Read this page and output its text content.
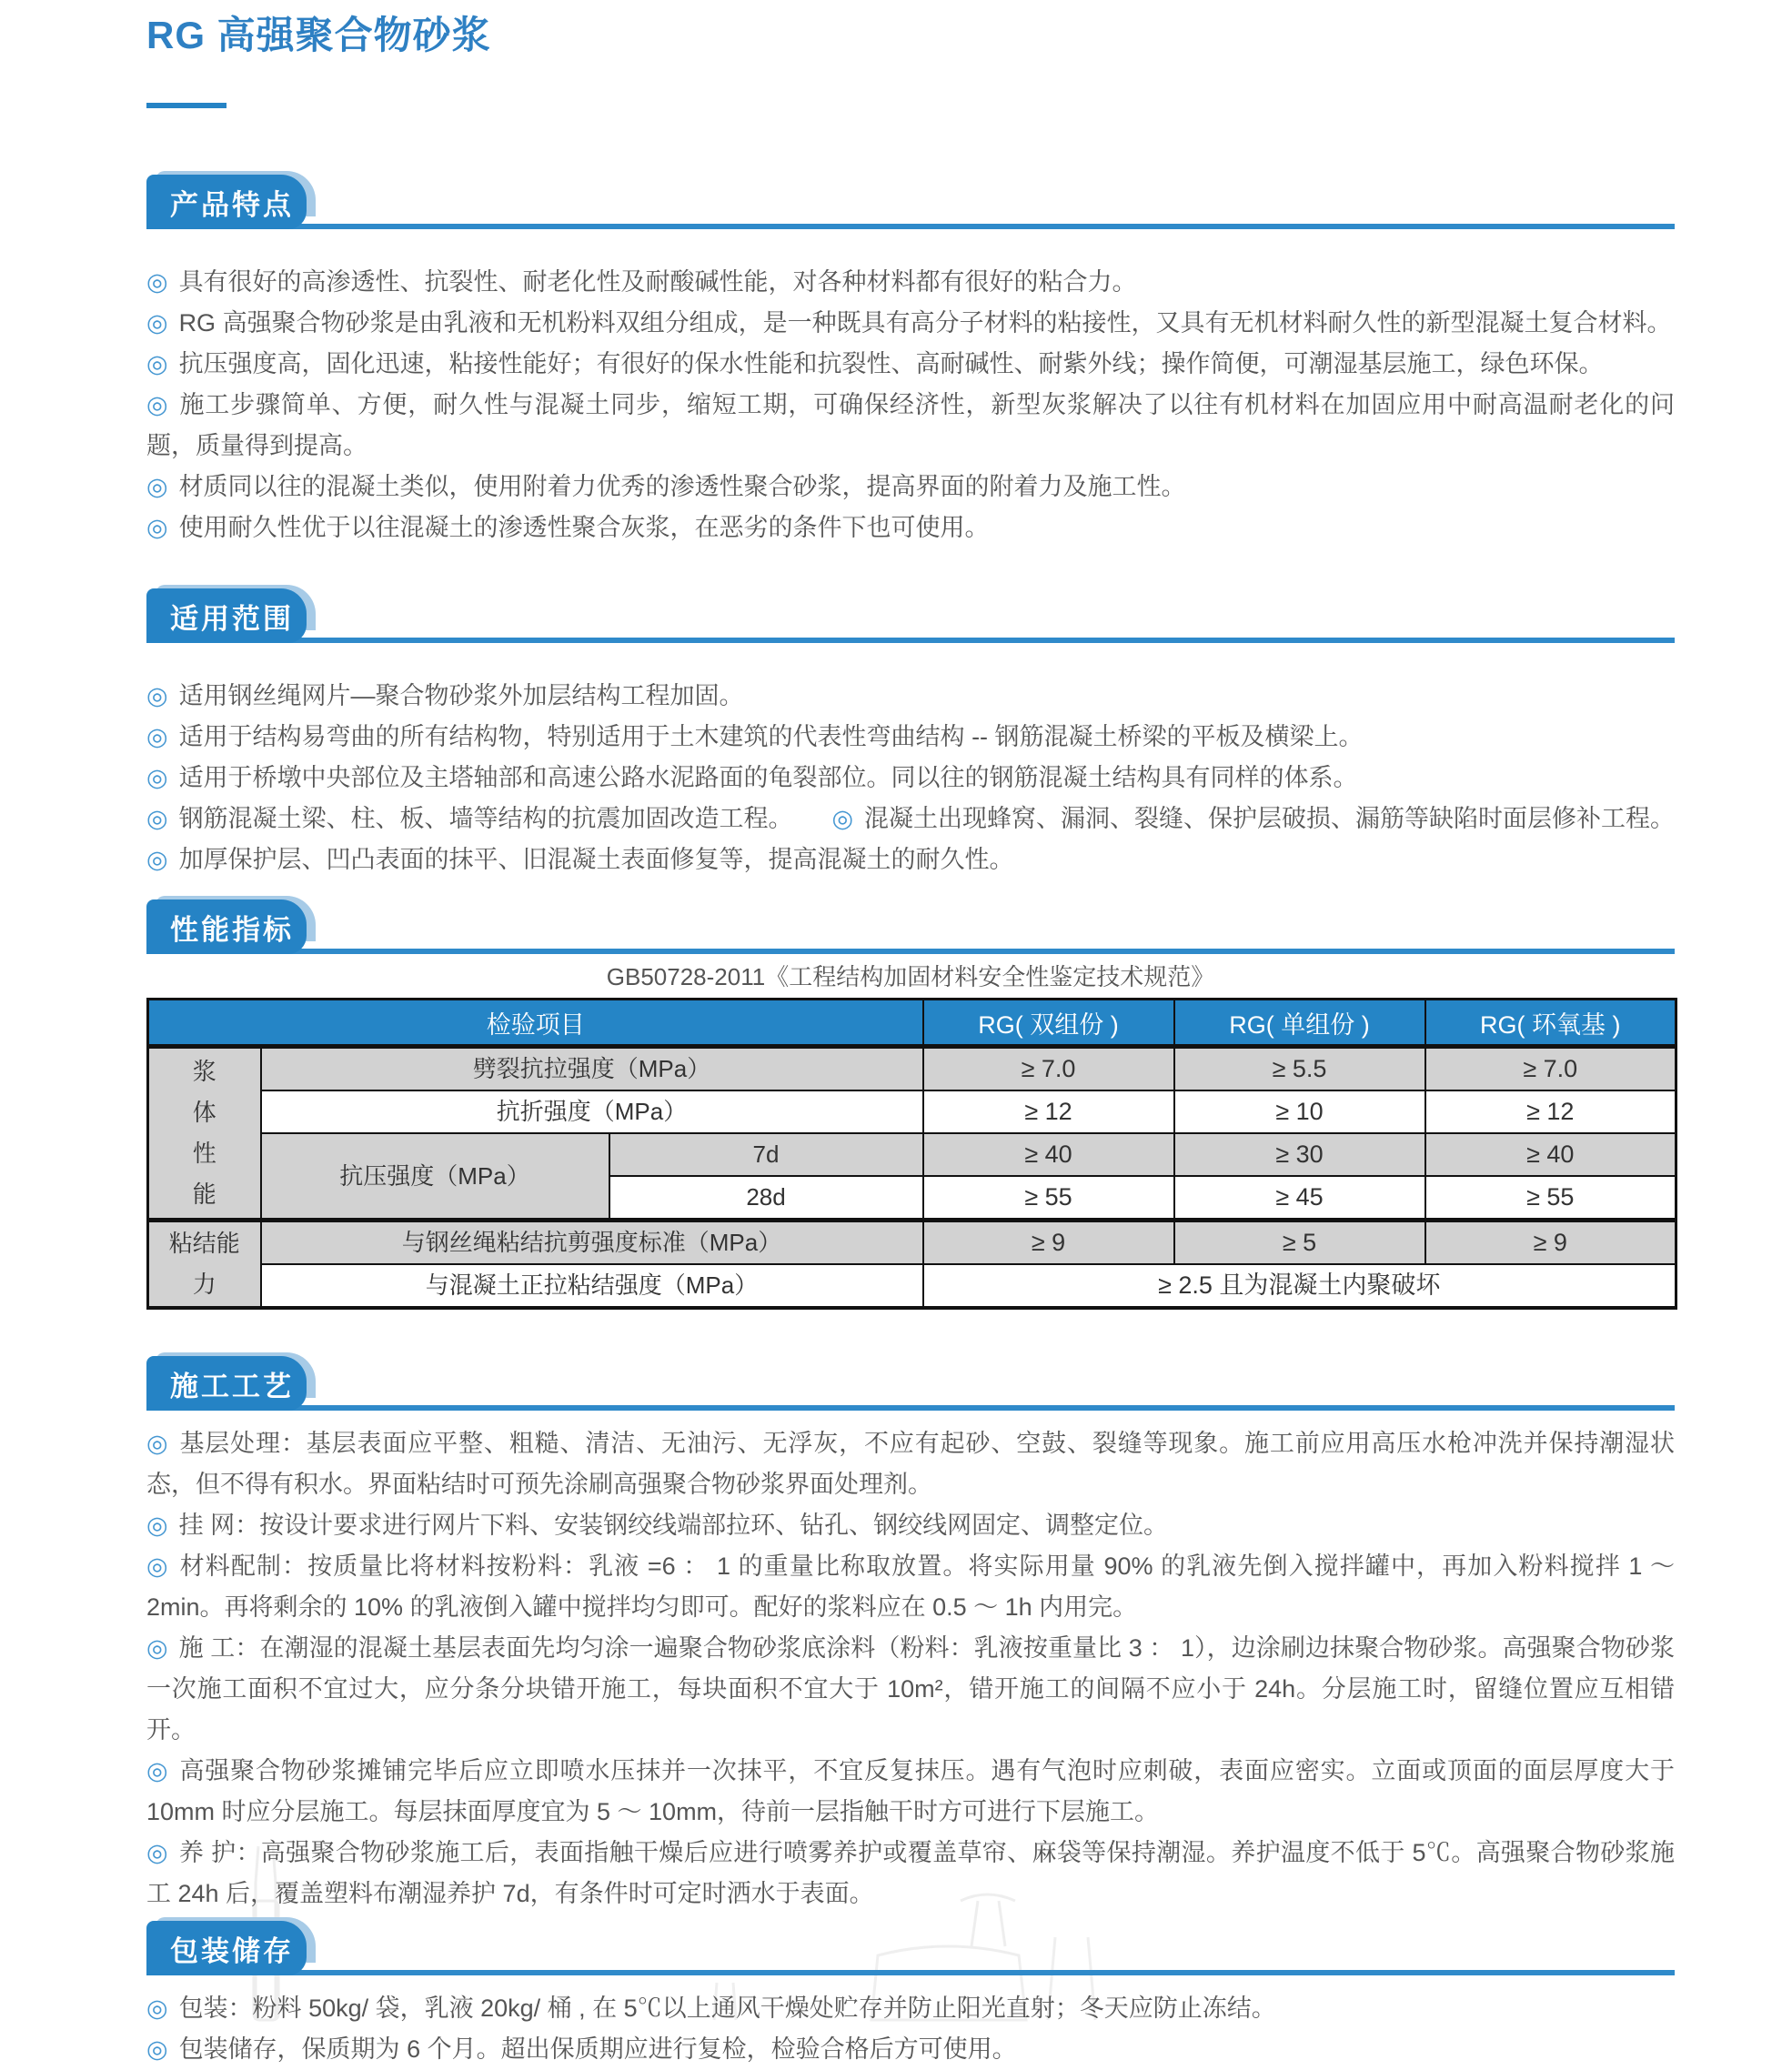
RG 高强聚合物砂浆
产品特点

◎ 具有很好的高渗透性、抗裂性、耐老化性及耐酸碱性能，对各种材料都有很好的粘合力。

◎ RG 高强聚合物砂浆是由乳液和无机粉料双组分组成，是一种既具有高分子材料的粘接性，又具有无机材料耐久性的新型混凝土复合材料。

◎ 抗压强度高，固化迅速，粘接性能好；有很好的保水性能和抗裂性、高耐碱性、耐紫外线；操作简便，可潮湿基层施工，绿色环保。

◎ 施工步骤简单、方便，耐久性与混凝土同步，缩短工期，可确保经济性，新型灰浆解决了以往有机材料在加固应用中耐高温耐老化的问题，质量得到提高。

◎ 材质同以往的混凝土类似，使用附着力优秀的渗透性聚合砂浆，提高界面的附着力及施工性。

◎ 使用耐久性优于以往混凝土的渗透性聚合灰浆，在恶劣的条件下也可使用。

适用范围

◎ 适用钢丝绳网片—聚合物砂浆外加层结构工程加固。

◎ 适用于结构易弯曲的所有结构物，特别适用于土木建筑的代表性弯曲结构 -- 钢筋混凝土桥梁的平板及横梁上。

◎ 适用于桥墩中央部位及主塔轴部和高速公路水泥路面的龟裂部位。同以往的钢筋混凝土结构具有同样的体系。

◎ 钢筋混凝土梁、柱、板、墙等结构的抗震加固改造工程。 ◎ 混凝土出现蜂窝、漏洞、裂缝、保护层破损、漏筋等缺陷时面层修补工程。

◎ 加厚保护层、凹凸表面的抹平、旧混凝土表面修复等，提高混凝土的耐久性。

性能指标
GB50728-2011《工程结构加固材料安全性鉴定技术规范》
检验项目			RG( 双组份 )	RG( 单组份 )	RG( 环氧基 )

浆
体
性
能	劈裂抗拉强度（MPa）		≥ 7.0	≥ 5.5	≥ 7.0
	抗折强度（MPa）		≥ 12	≥ 10	≥ 12
	抗压强度（MPa）	7d	≥ 40	≥ 30	≥ 40
		28d	≥ 55	≥ 45	≥ 55

粘结能
力	与钢丝绳粘结抗剪强度标准（MPa）		≥ 9	≥ 5	≥ 9
	与混凝土正拉粘结强度（MPa）		≥ 2.5 且为混凝土内聚破坏		
施工工艺

◎ 基层处理：基层表面应平整、粗糙、清洁、无油污、无浮灰，不应有起砂、空鼓、裂缝等现象。施工前应用高压水枪冲洗并保持潮湿状态，但不得有积水。界面粘结时可预先涂刷高强聚合物砂浆界面处理剂。

◎ 挂 网：按设计要求进行网片下料、安装钢绞线端部拉环、钻孔、钢绞线网固定、调整定位。

◎ 材料配制：按质量比将材料按粉料：乳液 =6 ： 1 的重量比称取放置。将实际用量 90% 的乳液先倒入搅拌罐中，再加入粉料搅拌 1 ～ 2min。再将剩余的 10% 的乳液倒入罐中搅拌均匀即可。配好的浆料应在 0.5 ～ 1h 内用完。

◎ 施 工：在潮湿的混凝土基层表面先均匀涂一遍聚合物砂浆底涂料（粉料：乳液按重量比 3 ： 1），边涂刷边抹聚合物砂浆。高强聚合物砂浆一次施工面积不宜过大，应分条分块错开施工，每块面积不宜大于 10m²，错开施工的间隔不应小于 24h。分层施工时，留缝位置应互相错开。

◎ 高强聚合物砂浆摊铺完毕后应立即喷水压抹并一次抹平，不宜反复抹压。遇有气泡时应刺破，表面应密实。立面或顶面的面层厚度大于 10mm 时应分层施工。每层抹面厚度宜为 5 ～ 10mm，待前一层指触干时方可进行下层施工。

◎ 养 护：高强聚合物砂浆施工后，表面指触干燥后应进行喷雾养护或覆盖草帘、麻袋等保持潮湿。养护温度不低于 5℃。高强聚合物砂浆施工 24h 后，覆盖塑料布潮湿养护 7d，有条件时可定时洒水于表面。

包装储存

◎ 包装：粉料 50kg/ 袋，乳液 20kg/ 桶 , 在 5℃以上通风干燥处贮存并防止阳光直射；冬天应防止冻结。

◎ 包装储存，保质期为 6 个月。超出保质期应进行复检，检验合格后方可使用。
